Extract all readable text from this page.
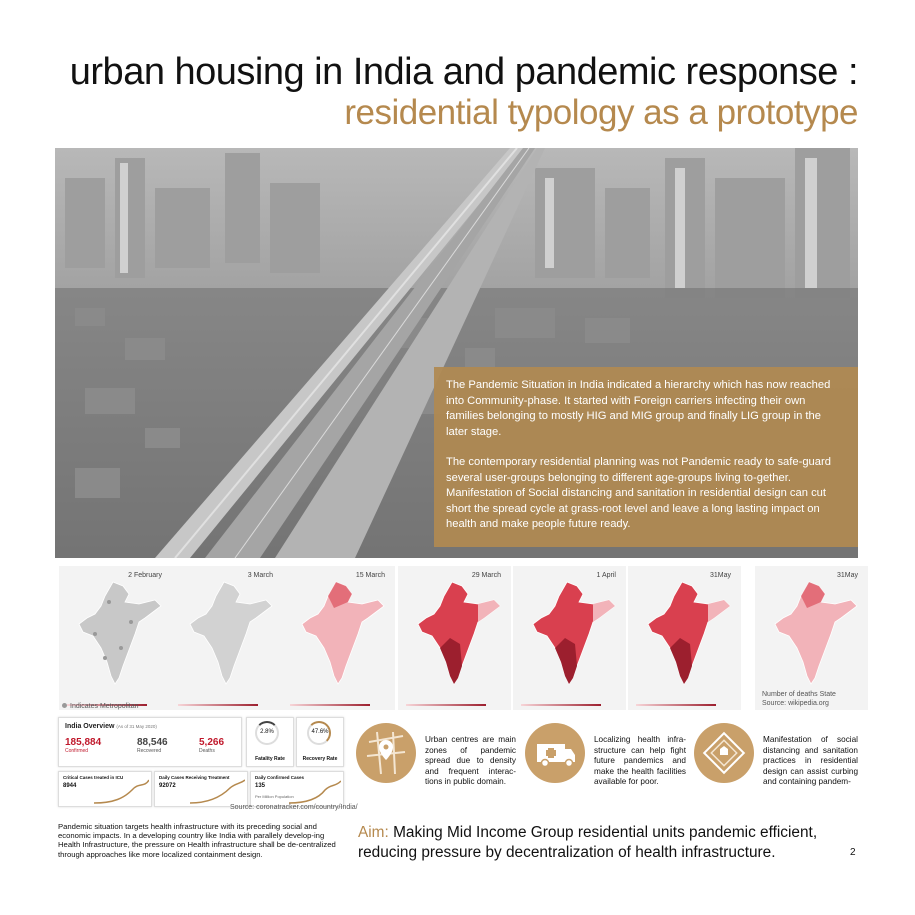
urban housing in India and pandemic response :
residential typology as a prototype

The Pandemic Situation in India indicated a hierarchy which has now reached into Community-phase. It started with Foreign carriers infecting their own families belonging to mostly HIG and MIG group and finally LIG group in the later stage.

The contemporary residential planning was not Pandemic ready to safe-guard several user-groups belonging to different age-groups living to-gether. Manifestation of Social distancing and sanitation in residential design can cut short the spread cycle at grass-root level and leave a long lasting impact on health and make people future ready.

2 February	3 March	15 March	29 March	1 April	31May	31May
Indicates Metropolitan
Number of deaths State
Source: wikipedia.org
India Overview (As of 31 May 2020)
185,884
Confirmed
88,546
Recovered
5,266
Deaths
2.8%
Fatality Rate
47.6%
Recovery Rate
Critical Cases treated in ICU
8944
Daily Cases Receiving Treatment
92072
Daily Confirmed Cases
135
Per Million Population
Source: coronatracker.com/country/India/
Pandemic situation targets health infrastructure with its preceding social and economic impacts. In a developing country like India with parallely develop-ing Health Infrastructure, the pressure on Health infrastructure shall be de-centralized through approaches like more localized containment design.
Urban centres are main zones of pandemic spread due to density and frequent interac-tions in public domain.
Localizing health infra-structure can help fight future pandemics and make the health facilities available for poor.
Manifestation of social distancing and sanitation practices in residential design can assist curbing and containing pandem-
Aim: Making Mid Income Group residential units pandemic efficient, reducing pressure by decentralization of health infrastructure.	2
